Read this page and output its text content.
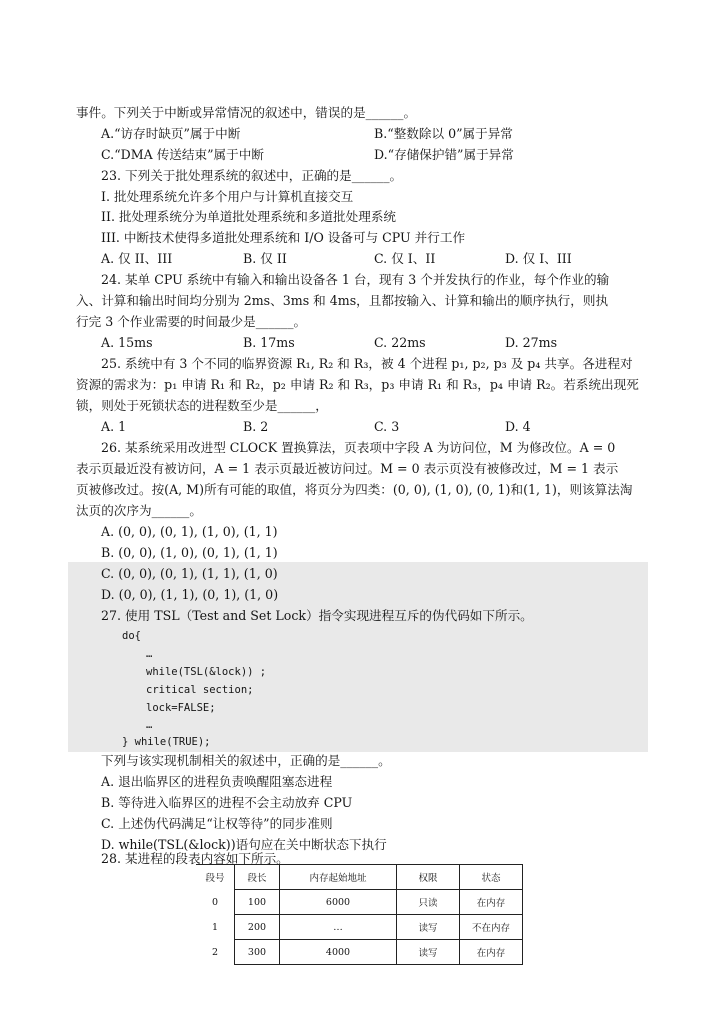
事件。下列关于中断或异常情况的叙述中，错误的是______。
A.“访存时缺页”属于中断	B.“整数除以 0”属于异常
C.“DMA 传送结束”属于中断	D.“存储保护错”属于异常
23. 下列关于批处理系统的叙述中，正确的是______。
I. 批处理系统允许多个用户与计算机直接交互
II. 批处理系统分为单道批处理系统和多道批处理系统
III. 中断技术使得多道批处理系统和 I/O 设备可与 CPU 并行工作
A. 仅 II、III	B. 仅 II	C. 仅 I、II	D. 仅 I、III
24. 某单 CPU 系统中有输入和输出设备各 1 台，现有 3 个并发执行的作业，每个作业的输
入、计算和输出时间均分别为 2ms、3ms 和 4ms，且都按输入、计算和输出的顺序执行，则执
行完 3 个作业需要的时间最少是______。
A. 15ms	B. 17ms	C. 22ms	D. 27ms
25. 系统中有 3 个不同的临界资源 R₁, R₂ 和 R₃，被 4 个进程 p₁, p₂, p₃ 及 p₄ 共享。各进程对
资源的需求为：p₁ 申请 R₁ 和 R₂，p₂ 申请 R₂ 和 R₃，p₃ 申请 R₁ 和 R₃，p₄ 申请 R₂。若系统出现死
锁，则处于死锁状态的进程数至少是______，
A. 1	B. 2	C. 3	D. 4
26. 某系统采用改进型 CLOCK 置换算法，页表项中字段 A 为访问位，M 为修改位。A = 0
表示页最近没有被访问，A = 1 表示页最近被访问过。M = 0 表示页没有被修改过，M = 1 表示
页被修改过。按(A, M)所有可能的取值，将页分为四类：(0, 0), (1, 0), (0, 1)和(1, 1)，则该算法淘
汰页的次序为______。
A. (0, 0), (0, 1), (1, 0), (1, 1)
B. (0, 0), (1, 0), (0, 1), (1, 1)
C. (0, 0), (0, 1), (1, 1), (1, 0)
D. (0, 0), (1, 1), (0, 1), (1, 0)
27. 使用 TSL（Test and Set Lock）指令实现进程互斥的伪代码如下所示。
do{
…
while(TSL(&lock)) ;
critical section;
lock=FALSE;
…
} while(TRUE);
下列与该实现机制相关的叙述中，正确的是______。
A. 退出临界区的进程负责唤醒阻塞态进程
B. 等待进入临界区的进程不会主动放弃 CPU
C. 上述伪代码满足“让权等待”的同步准则
D. while(TSL(&lock))语句应在关中断状态下执行
28. 某进程的段表内容如下所示。
段号	段长	内存起始地址	权限	状态
0	100	6000	只读	在内存
1	200	…	读写	不在内存
2	300	4000	读写	在内存
